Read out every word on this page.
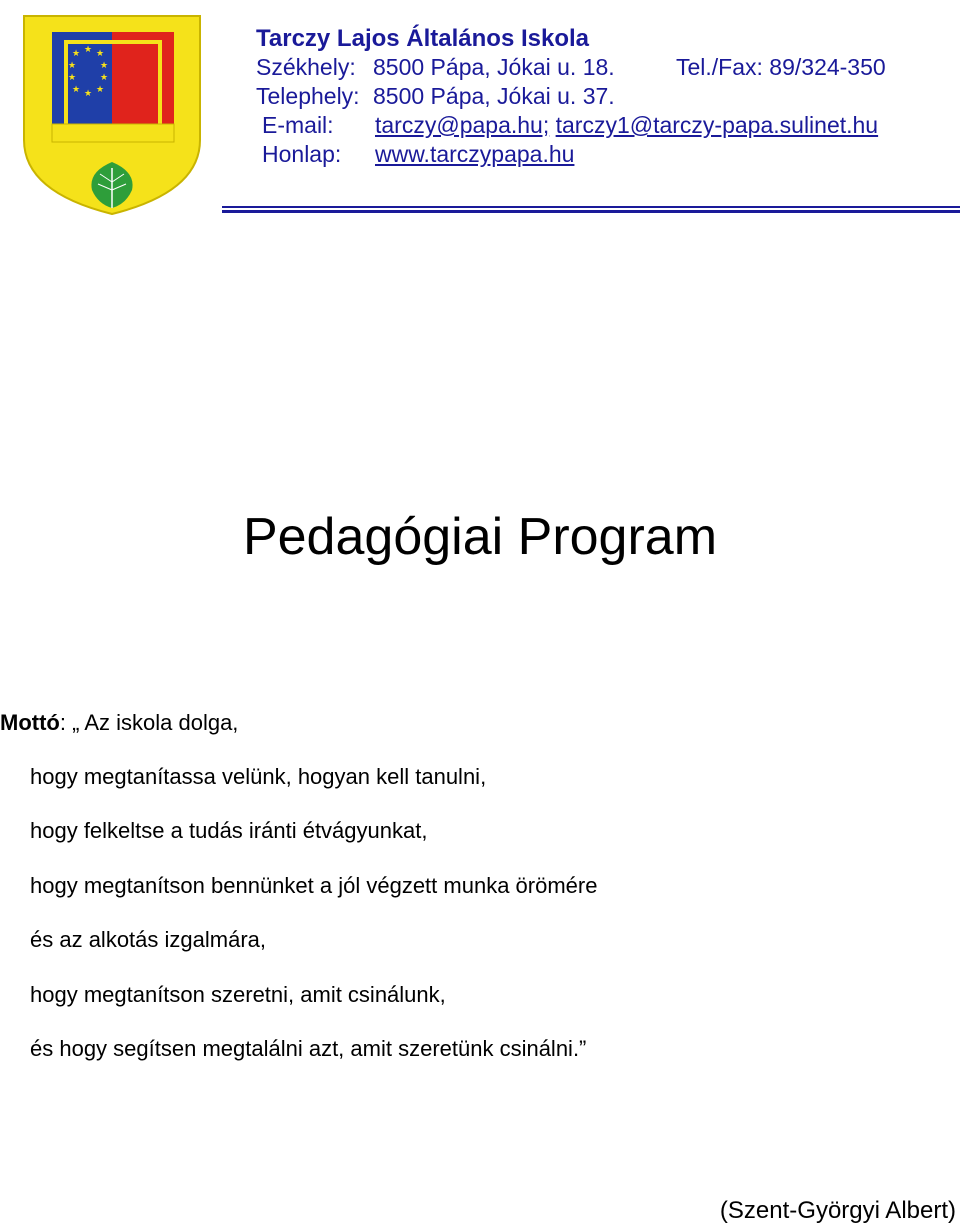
★ ★
★
★	★
★	★
★ ★
★
Tarczy Lajos Általános Iskola
Székhely: 8500 Pápa, Jókai u. 18.	Tel./Fax: 89/324-350
Telephely: 8500 Pápa, Jókai u. 37.
E-mail: tarczy@papa.hu; tarczy1@tarczy-papa.sulinet.hu
Honlap: www.tarczypapa.hu
Pedagógiai Program
Mottó: „ Az iskola dolga,
hogy megtanítassa velünk, hogyan kell tanulni,
hogy felkeltse a tudás iránti étvágyunkat,
hogy megtanítson bennünket a jól végzett munka örömére
és az alkotás izgalmára,
hogy megtanítson szeretni, amit csinálunk,
és hogy segítsen megtalálni azt, amit szeretünk csinálni.”
(Szent-Györgyi Albert)
